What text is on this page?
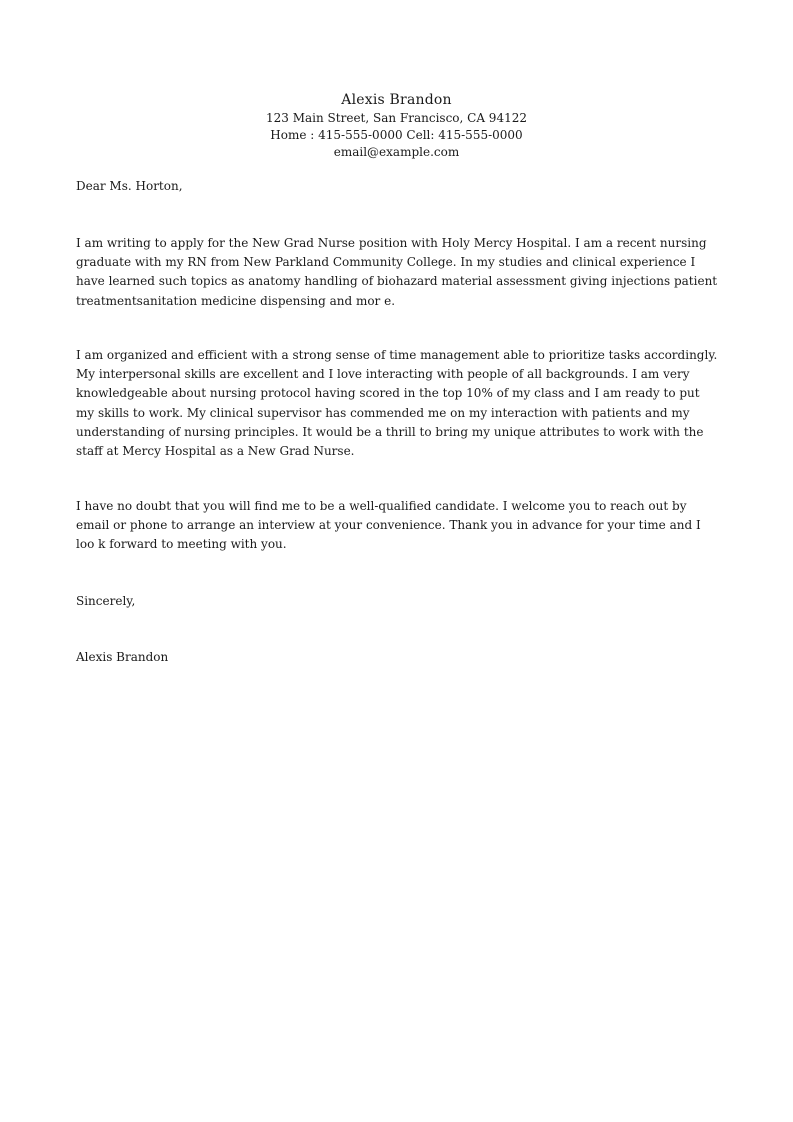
Alexis Brandon
123 Main Street, San Francisco, CA 94122
Home : 415-555-0000 Cell: 415-555-0000
email@example.com

Dear Ms. Horton,

I am writing to apply for the New Grad Nurse position with Holy Mercy Hospital. I am a recent nursing graduate with my RN from New Parkland Community College. In my studies and clinical experience I have learned such topics as anatomy handling of biohazard material assessment giving injections patient treatmentsanitation medicine dispensing and mor e.

I am organized and efficient with a strong sense of time management able to prioritize tasks accordingly. My interpersonal skills are excellent and I love interacting with people of all backgrounds. I am very knowledgeable about nursing protocol having scored in the top 10% of my class and I am ready to put my skills to work. My clinical supervisor has commended me on my interaction with patients and my understanding of nursing principles. It would be a thrill to bring my unique attributes to work with the staff at Mercy Hospital as a New Grad Nurse.

I have no doubt that you will find me to be a well-qualified candidate. I welcome you to reach out by email or phone to arrange an interview at your convenience. Thank you in advance for your time and I loo k forward to meeting with you.

Sincerely,

Alexis Brandon
